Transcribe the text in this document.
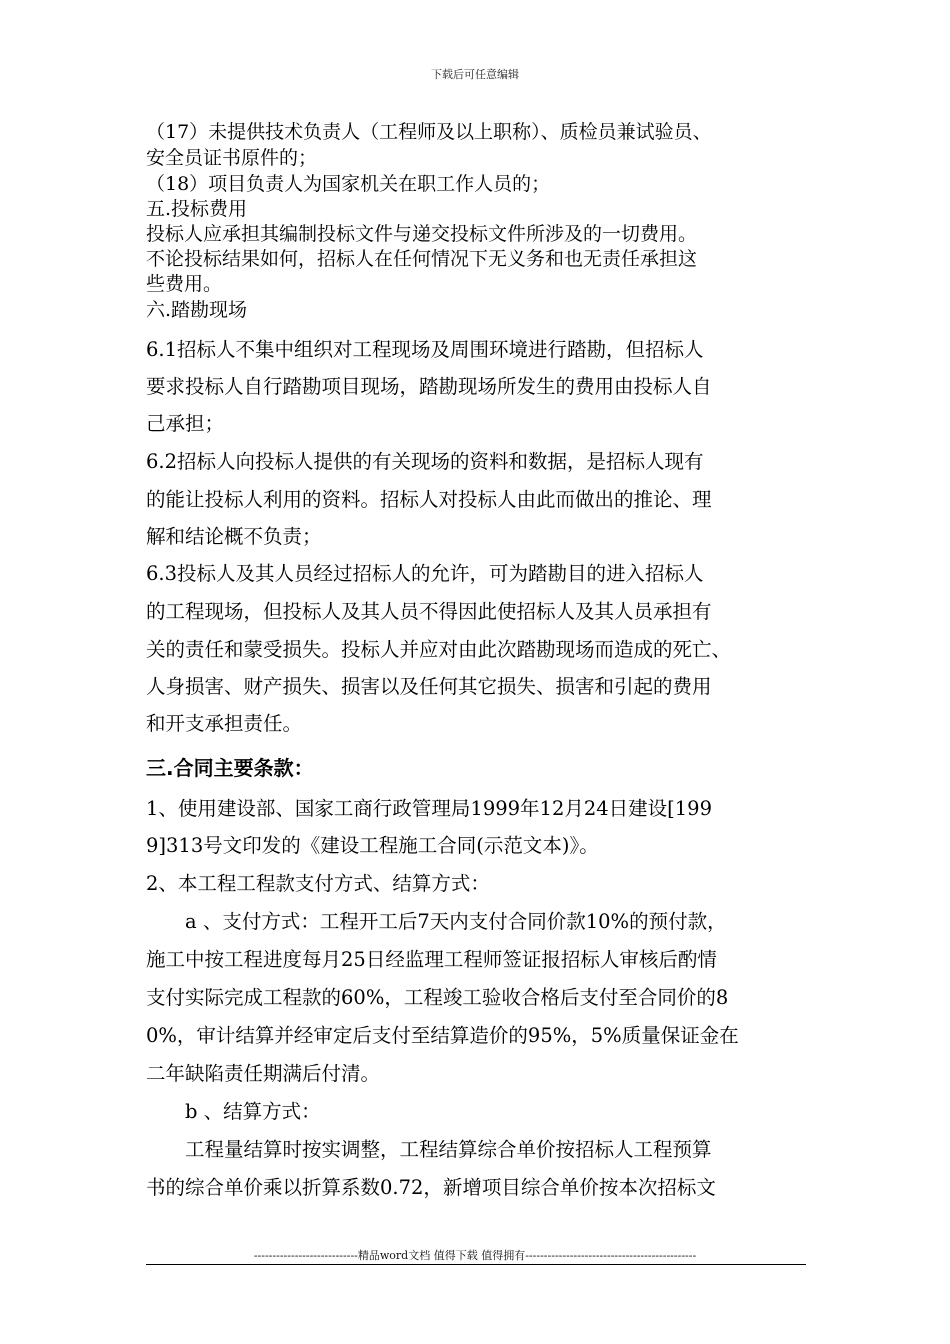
下载后可任意编辑
（17）未提供技术负责人（工程师及以上职称）、质检员兼试验员、
安全员证书原件的；
（18）项目负责人为国家机关在职工作人员的；
五.投标费用
投标人应承担其编制投标文件与递交投标文件所涉及的一切费用。
不论投标结果如何，招标人在任何情况下无义务和也无责任承担这
些费用。
六.踏勘现场
6.1招标人不集中组织对工程现场及周围环境进行踏勘，但招标人
要求投标人自行踏勘项目现场，踏勘现场所发生的费用由投标人自
己承担；
6.2招标人向投标人提供的有关现场的资料和数据，是招标人现有
的能让投标人利用的资料。招标人对投标人由此而做出的推论、理
解和结论概不负责；
6.3投标人及其人员经过招标人的允许，可为踏勘目的进入招标人
的工程现场，但投标人及其人员不得因此使招标人及其人员承担有
关的责任和蒙受损失。投标人并应对由此次踏勘现场而造成的死亡、
人身损害、财产损失、损害以及任何其它损失、损害和引起的费用
和开支承担责任。
三.合同主要条款：
1、使用建设部、国家工商行政管理局1999年12月24日建设[199
9]313号文印发的《建设工程施工合同(示范文本)》。
2、本工程工程款支付方式、结算方式：
　　a 、支付方式：工程开工后7天内支付合同价款10%的预付款，
施工中按工程进度每月25日经监理工程师签证报招标人审核后酌情
支付实际完成工程款的60%，工程竣工验收合格后支付至合同价的8
0%，审计结算并经审定后支付至结算造价的95%，5%质量保证金在
二年缺陷责任期满后付清。
　　b 、结算方式：
　　工程量结算时按实调整，工程结算综合单价按招标人工程预算
书的综合单价乘以折算系数0.72，新增项目综合单价按本次招标文
----------------------------精品word文档 值得下载 值得拥有----------------------------------------------
